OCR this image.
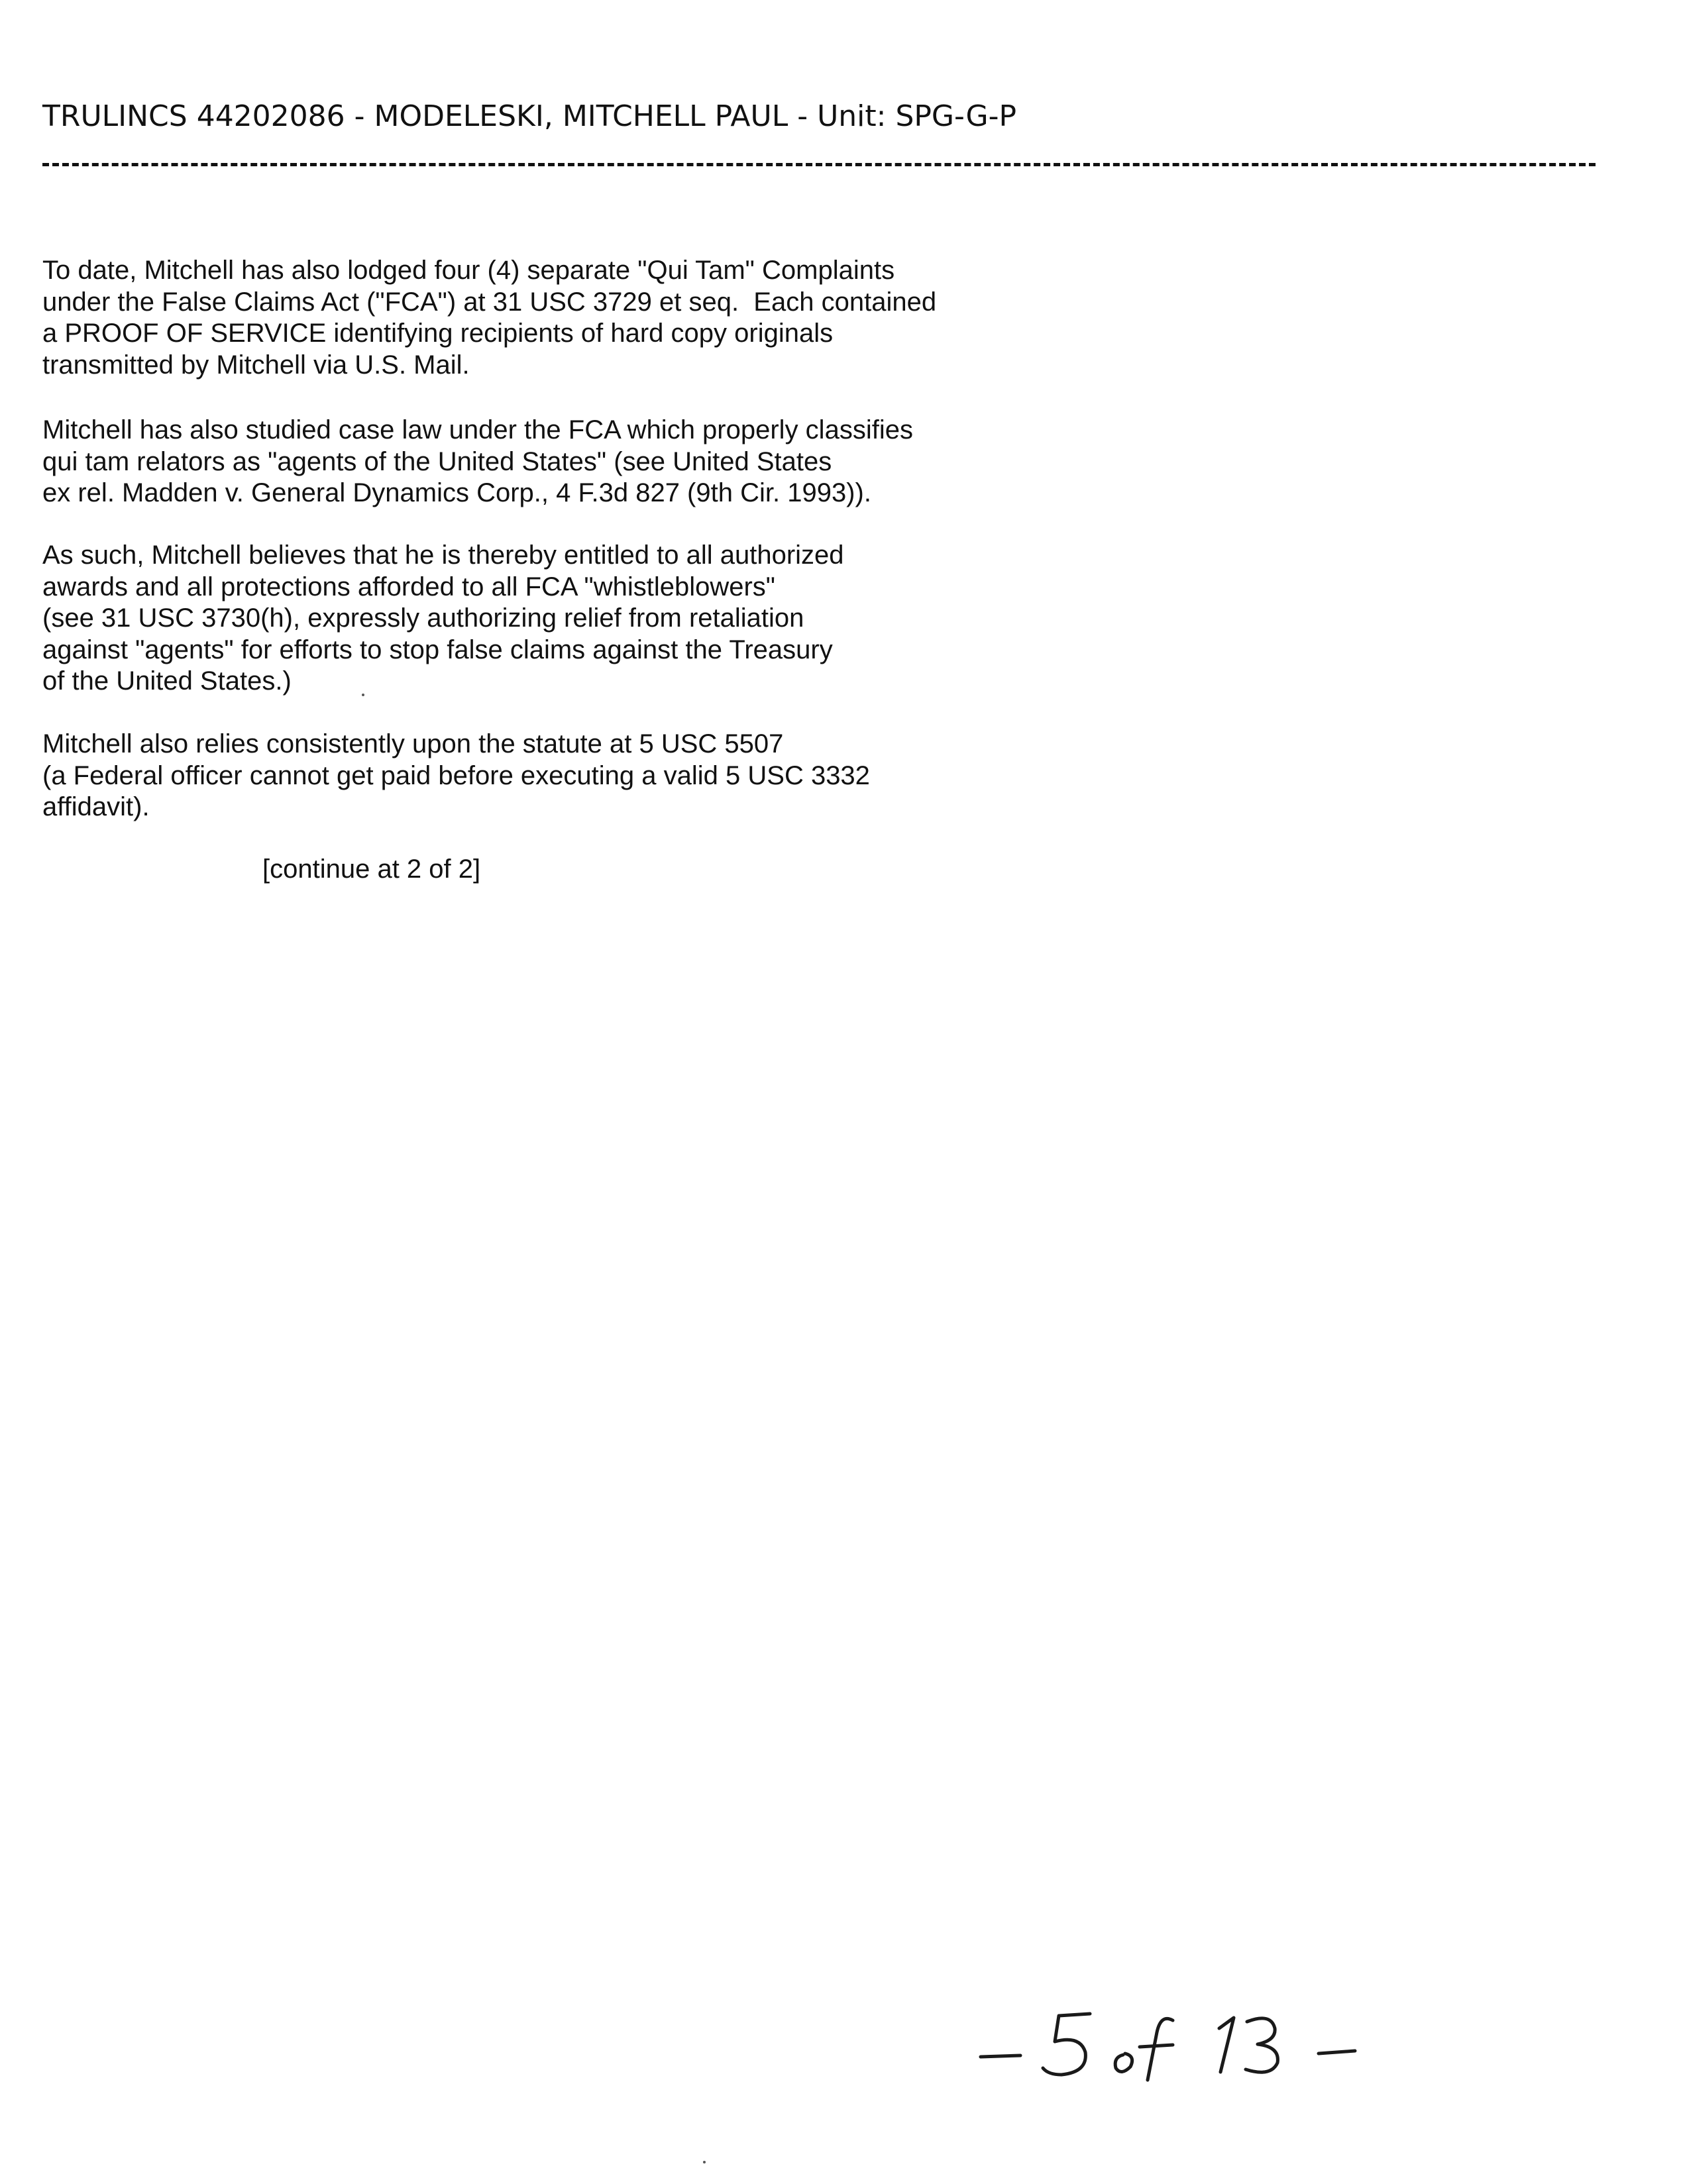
TRULINCS 44202086 - MODELESKI, MITCHELL PAUL - Unit: SPG-G-P
To date, Mitchell has also lodged four (4) separate "Qui Tam" Complaints
under the False Claims Act ("FCA") at 31 USC 3729 et seq.  Each contained
a PROOF OF SERVICE identifying recipients of hard copy originals
transmitted by Mitchell via U.S. Mail.
Mitchell has also studied case law under the FCA which properly classifies
qui tam relators as "agents of the United States" (see United States
ex rel. Madden v. General Dynamics Corp., 4 F.3d 827 (9th Cir. 1993)).
As such, Mitchell believes that he is thereby entitled to all authorized
awards and all protections afforded to all FCA "whistleblowers"
(see 31 USC 3730(h), expressly authorizing relief from retaliation
against "agents" for efforts to stop false claims against the Treasury
of the United States.)
Mitchell also relies consistently upon the statute at 5 USC 5507
(a Federal officer cannot get paid before executing a valid 5 USC 3332
affidavit).
[continue at 2 of 2]
